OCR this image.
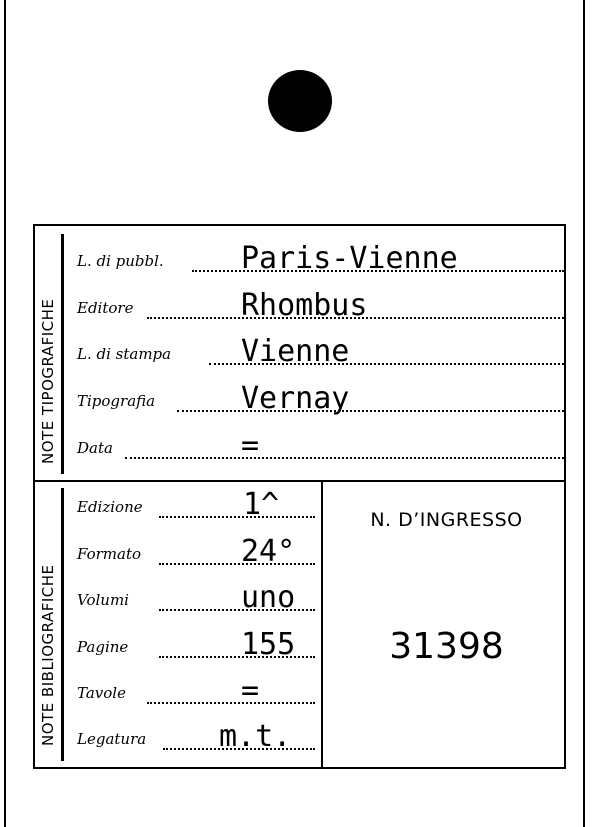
NOTE TIPOGRAFICHE
NOTE BIBLIOGRAFICHE
L. di pubbl.	Paris-Vienne
Editore	Rhombus
L. di stampa Vienne
Tipografia	Vernay
Data	=
Edizione	1^
Formato	24°
Volumi	uno
Pagine	155
Tavole	=
Legatura m.t.
N. D’INGRESSO
31398
